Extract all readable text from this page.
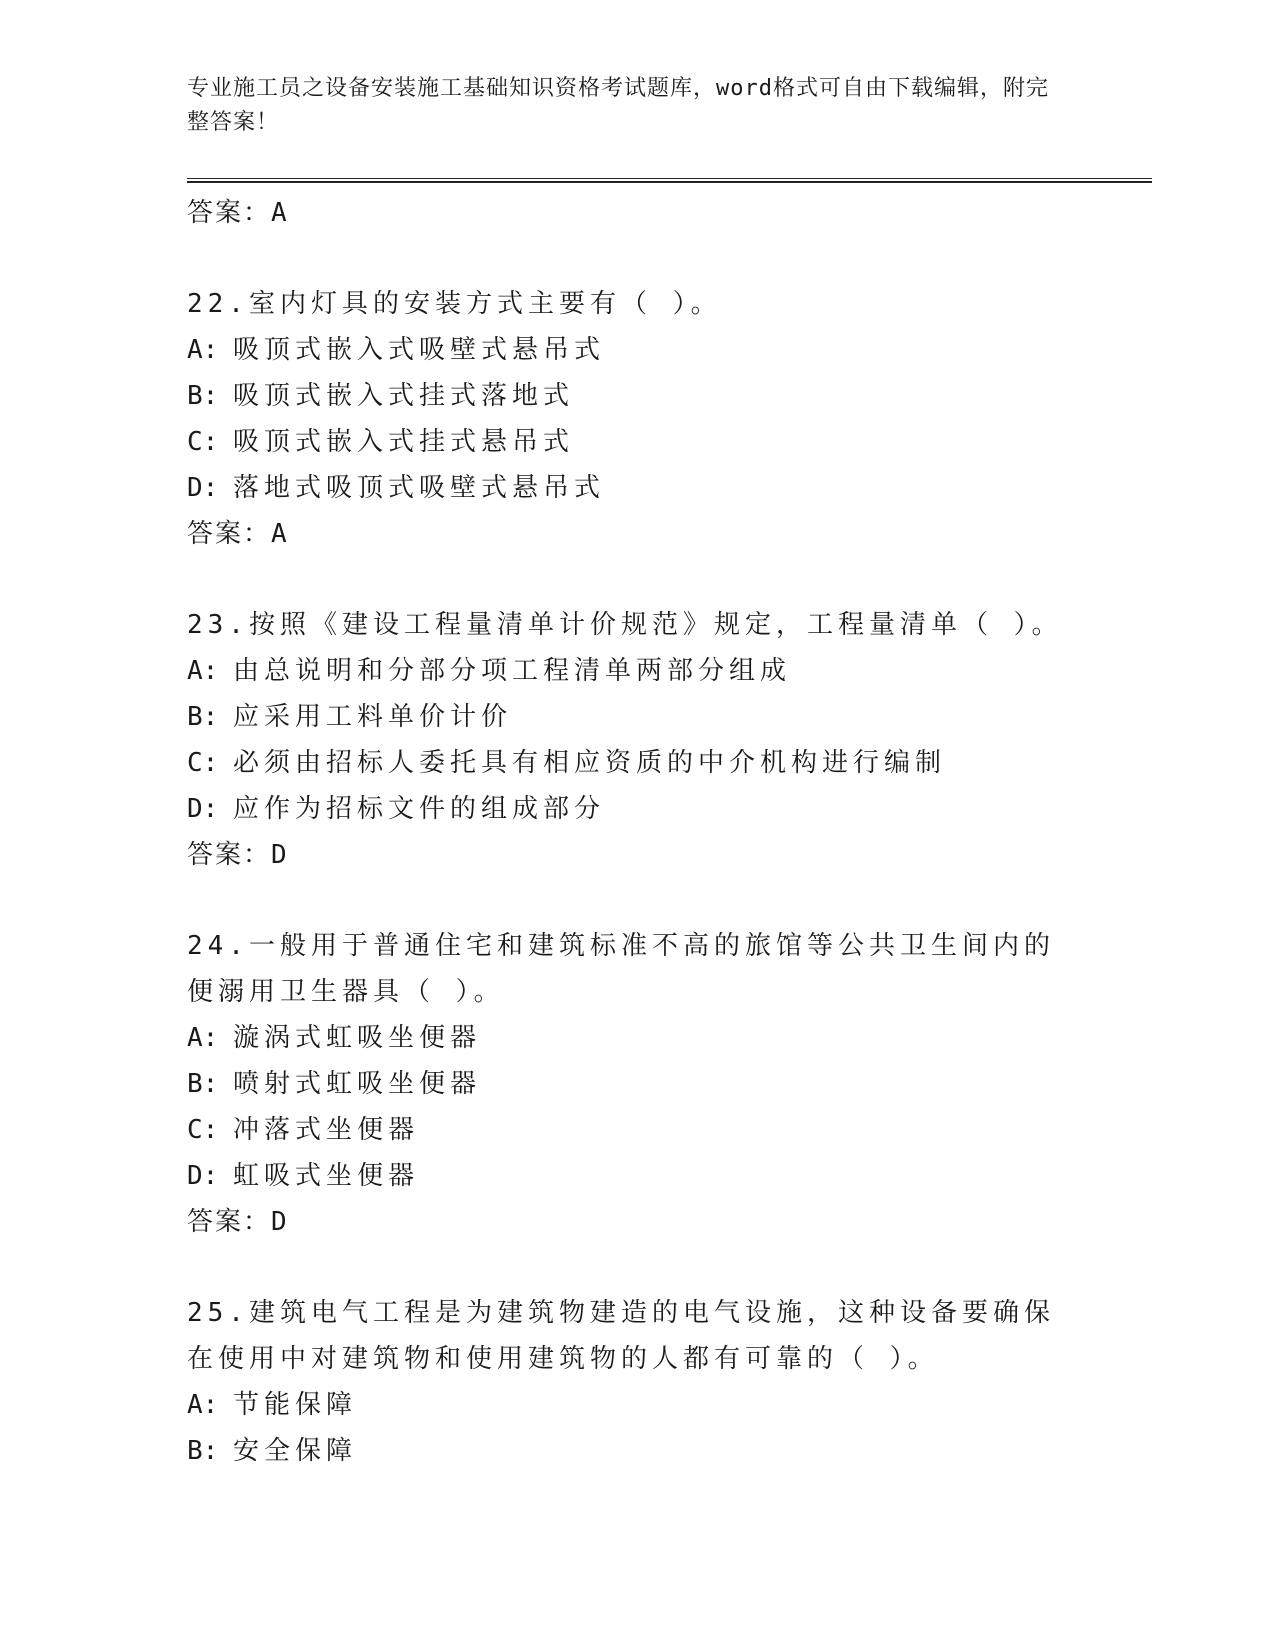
专业施工员之设备安装施工基础知识资格考试题库，word格式可自由下载编辑，附完整答案！
答案：A
22.室内灯具的安装方式主要有（ ）。
A: 吸顶式嵌入式吸壁式悬吊式
B: 吸顶式嵌入式挂式落地式
C: 吸顶式嵌入式挂式悬吊式
D: 落地式吸顶式吸壁式悬吊式
答案：A
23.按照《建设工程量清单计价规范》规定，工程量清单（ ）。
A: 由总说明和分部分项工程清单两部分组成
B: 应采用工料单价计价
C: 必须由招标人委托具有相应资质的中介机构进行编制
D: 应作为招标文件的组成部分
答案：D
24.一般用于普通住宅和建筑标准不高的旅馆等公共卫生间内的便溺用卫生器具（ ）。
A: 漩涡式虹吸坐便器
B: 喷射式虹吸坐便器
C: 冲落式坐便器
D: 虹吸式坐便器
答案：D
25.建筑电气工程是为建筑物建造的电气设施，这种设备要确保在使用中对建筑物和使用建筑物的人都有可靠的（ ）。
A: 节能保障
B: 安全保障
